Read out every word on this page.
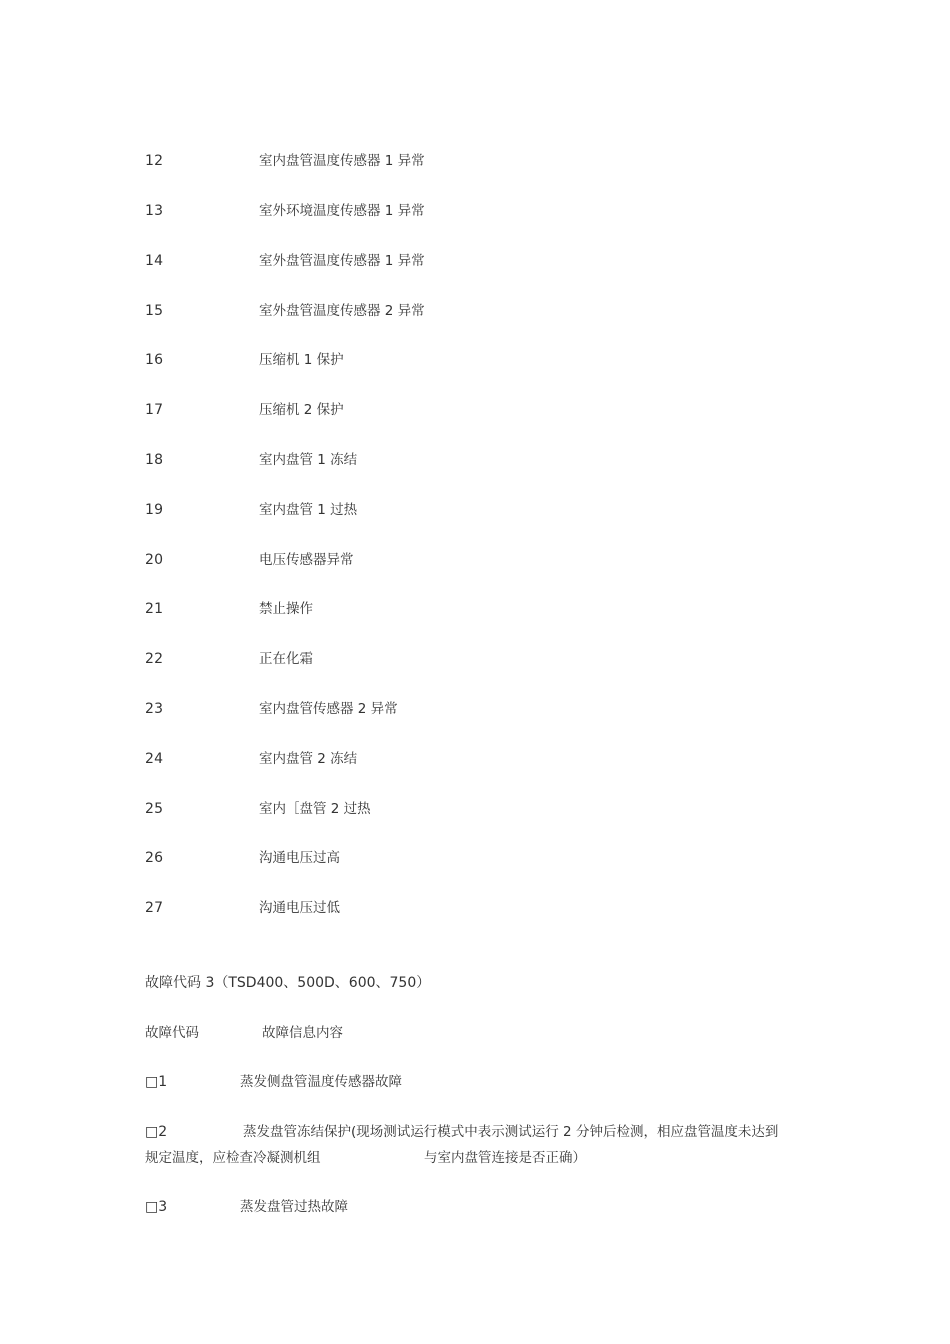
12	室内盘管温度传感器 1 异常
13	室外环境温度传感器 1 异常
14	室外盘管温度传感器 1 异常
15	室外盘管温度传感器 2 异常
16	压缩机 1 保护
17	压缩机 2 保护
18	室内盘管 1 冻结
19	室内盘管 1 过热
20	电压传感器异常
21	禁止操作
22	正在化霜
23	室内盘管传感器 2 异常
24	室内盘管 2 冻结
25	室内［盘管 2 过热
26	沟通电压过高
27	沟通电压过低
故障代码 3（TSD400、500D、600、750）
故障代码	故障信息内容
□1	蒸发侧盘管温度传感器故障
□2	蒸发盘管冻结保护(现场测试运行模式中表示测试运行 2 分钟后检测，相应盘管温度未达到
规定温度，应检查冷凝测机组	与室内盘管连接是否正确）
□3	蒸发盘管过热故障
